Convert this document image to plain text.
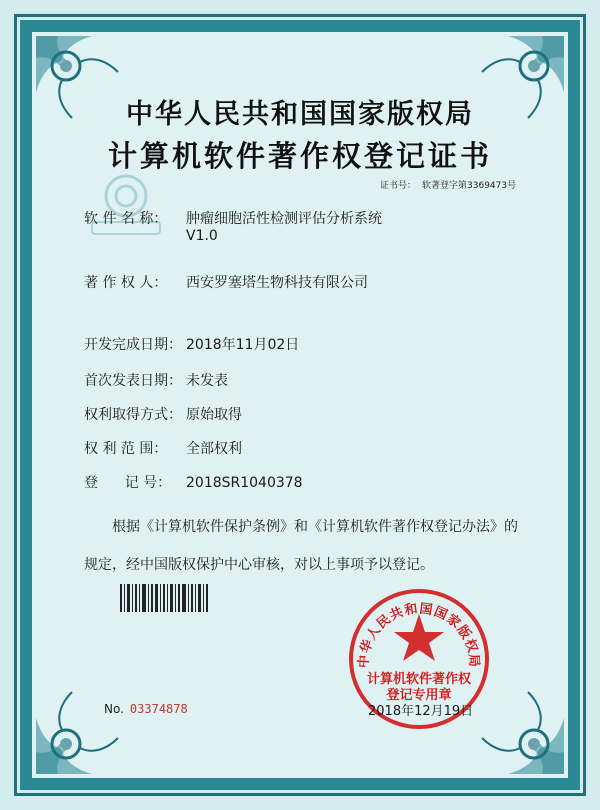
中华人民共和国国家版权局
计算机软件著作权登记证书
证书号： 软著登字第3369473号
软 件 名 称： 肿瘤细胞活性检测评估分析系统
V1.0
著 作 权 人： 西安罗塞塔生物科技有限公司
开发完成日期： 2018年11月02日
首次发表日期： 未发表
权利取得方式： 原始取得
权 利 范 围： 全部权利
登      记 号： 2018SR1040378
根据《计算机软件保护条例》和《计算机软件著作权登记办法》的
规定，经中国版权保护中心审核，对以上事项予以登记。
中华人民共和国国家版权局
计算机软件著作权
登记专用章
No. 03374878	2018年12月19日
